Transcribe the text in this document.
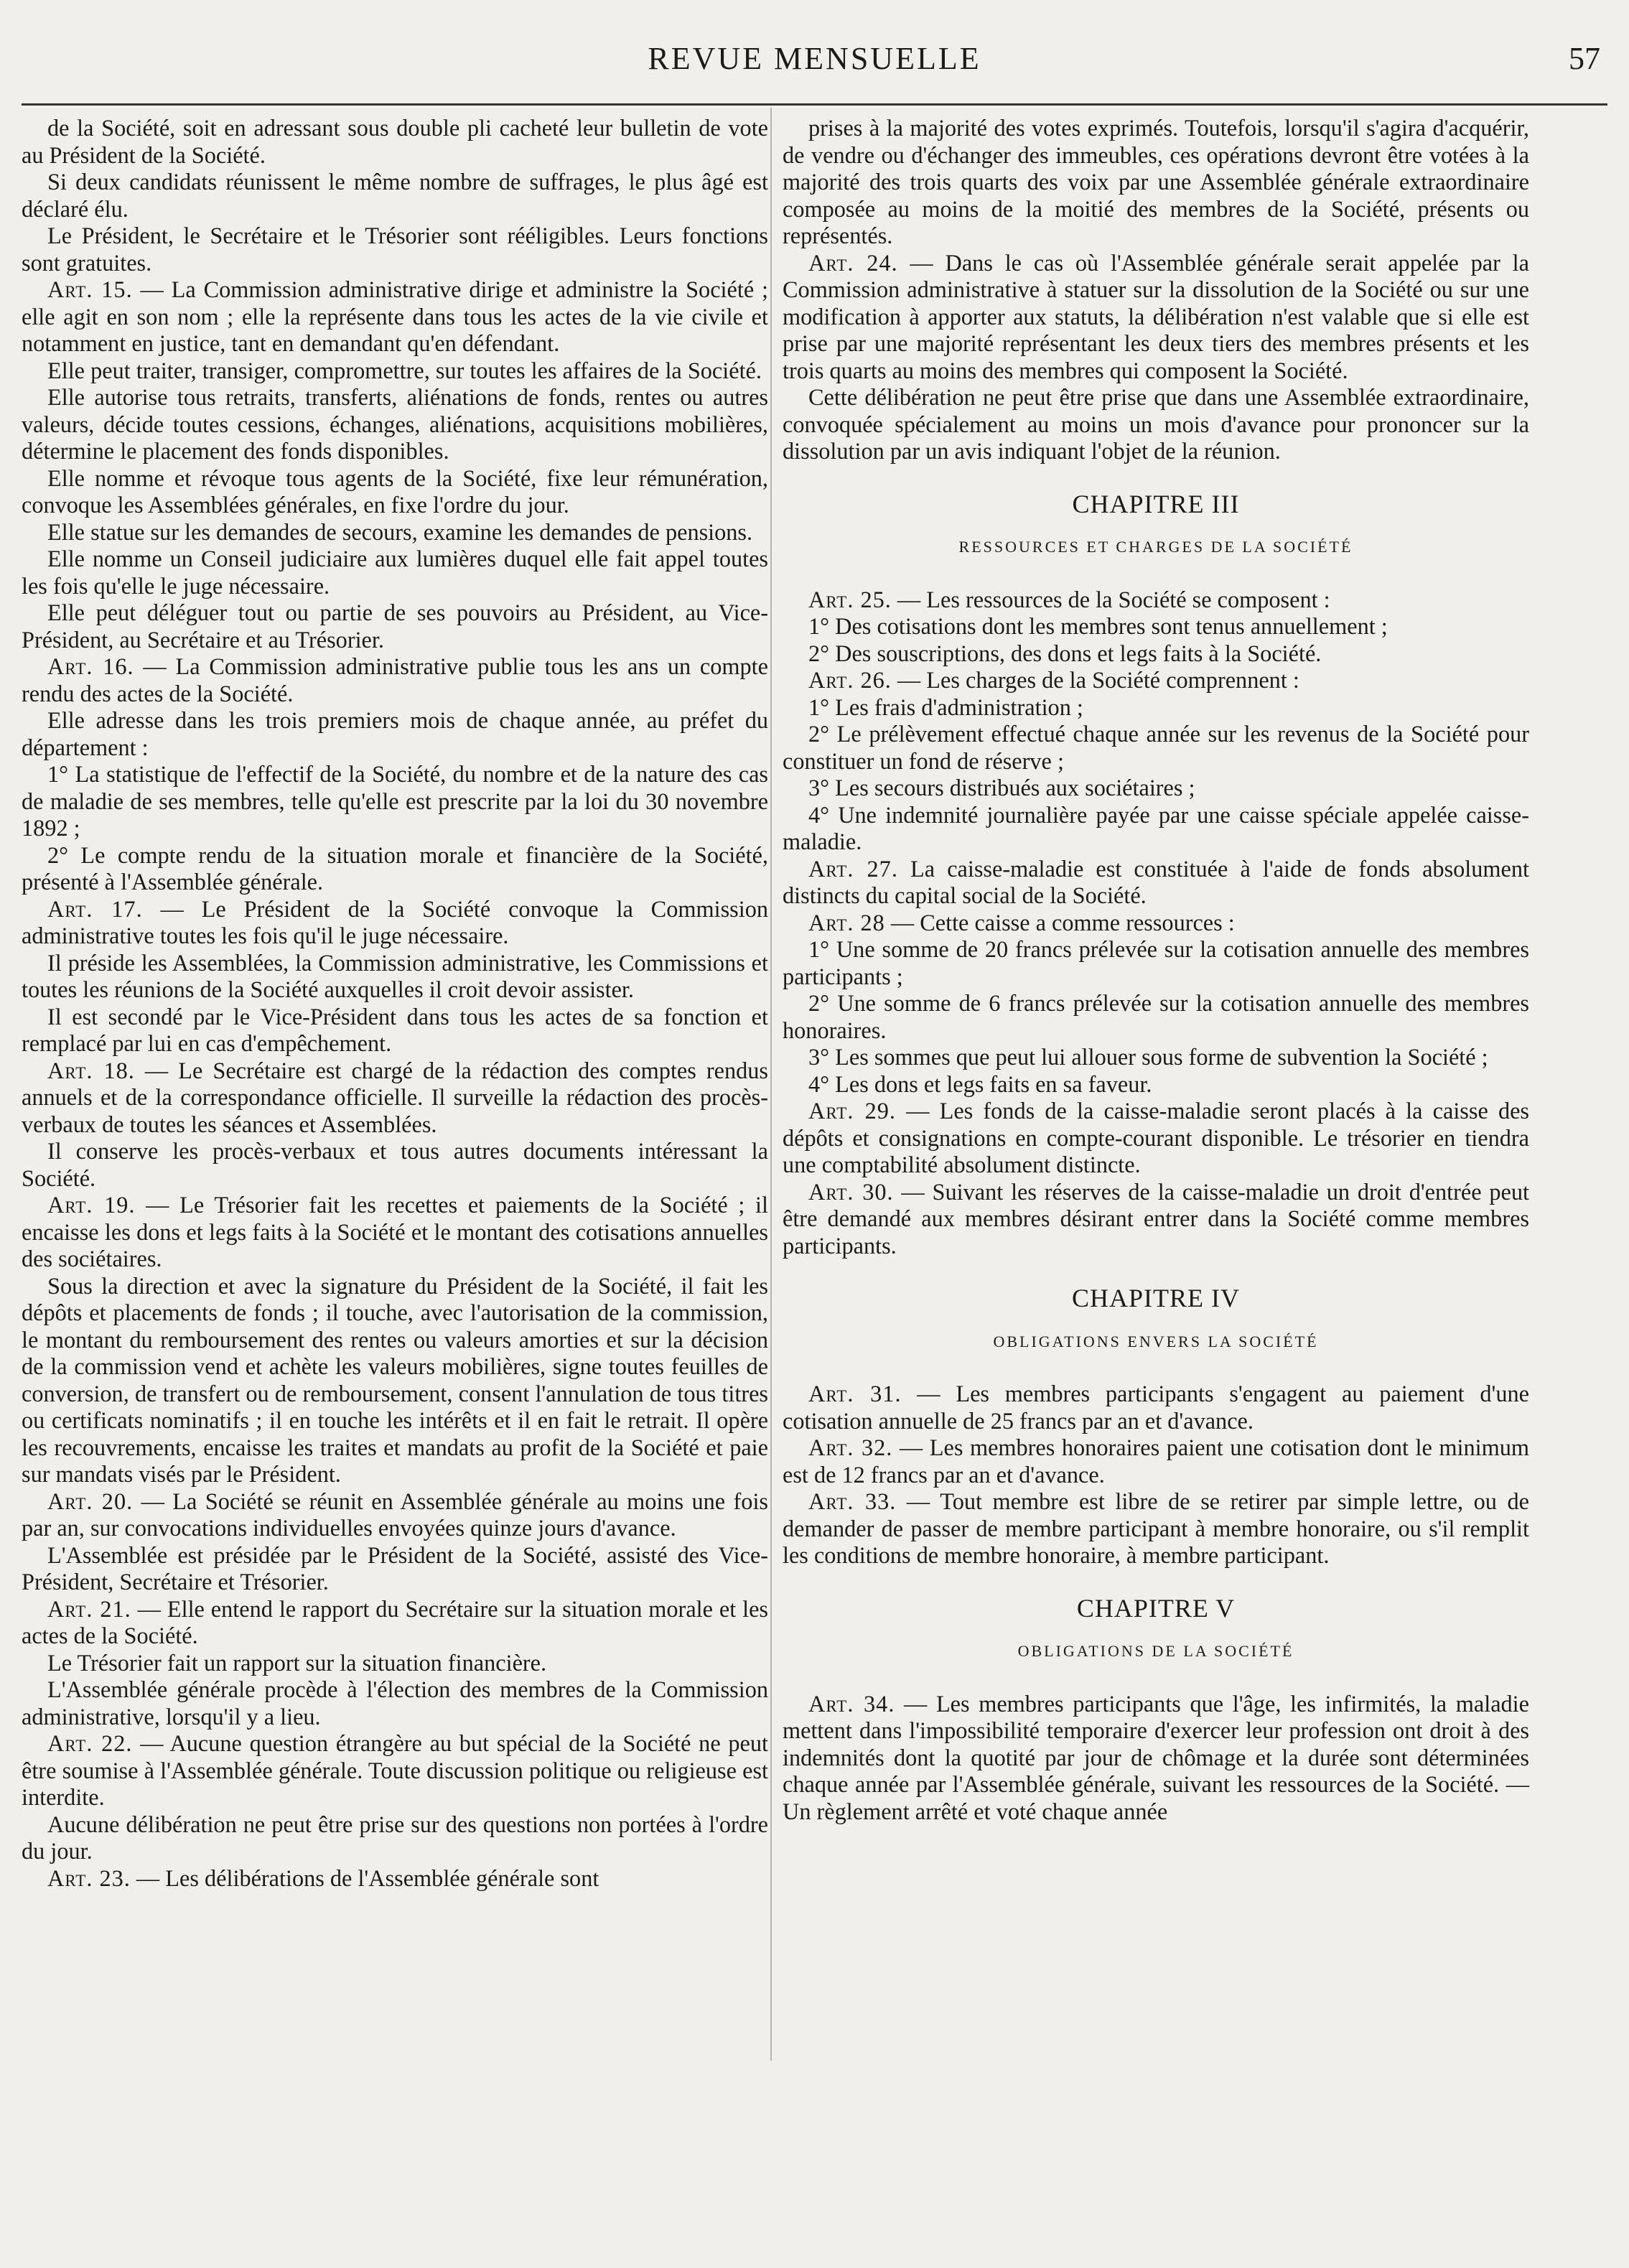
REVUE MENSUELLE	57

de la Société, soit en adressant sous double pli cacheté leur bulletin de vote au Président de la Société.

Si deux candidats réunissent le même nombre de suffrages, le plus âgé est déclaré élu.

Le Président, le Secrétaire et le Trésorier sont rééligibles. Leurs fonctions sont gratuites.

Art. 15. — La Commission administrative dirige et administre la Société ; elle agit en son nom ; elle la représente dans tous les actes de la vie civile et notamment en justice, tant en demandant qu'en défendant.

Elle peut traiter, transiger, compromettre, sur toutes les affaires de la Société.

Elle autorise tous retraits, transferts, aliénations de fonds, rentes ou autres valeurs, décide toutes cessions, échanges, aliénations, acquisitions mobilières, détermine le placement des fonds disponibles.

Elle nomme et révoque tous agents de la Société, fixe leur rémunération, convoque les Assemblées générales, en fixe l'ordre du jour.

Elle statue sur les demandes de secours, examine les demandes de pensions.

Elle nomme un Conseil judiciaire aux lumières duquel elle fait appel toutes les fois qu'elle le juge nécessaire.

Elle peut déléguer tout ou partie de ses pouvoirs au Président, au Vice-Président, au Secrétaire et au Trésorier.

Art. 16. — La Commission administrative publie tous les ans un compte rendu des actes de la Société.

Elle adresse dans les trois premiers mois de chaque année, au préfet du département :

1° La statistique de l'effectif de la Société, du nombre et de la nature des cas de maladie de ses membres, telle qu'elle est prescrite par la loi du 30 novembre 1892 ;

2° Le compte rendu de la situation morale et financière de la Société, présenté à l'Assemblée générale.

Art. 17. — Le Président de la Société convoque la Commission administrative toutes les fois qu'il le juge nécessaire.

Il préside les Assemblées, la Commission administrative, les Commissions et toutes les réunions de la Société auxquelles il croit devoir assister.

Il est secondé par le Vice-Président dans tous les actes de sa fonction et remplacé par lui en cas d'empêchement.

Art. 18. — Le Secrétaire est chargé de la rédaction des comptes rendus annuels et de la correspondance officielle. Il surveille la rédaction des procès-verbaux de toutes les séances et Assemblées.

Il conserve les procès-verbaux et tous autres documents intéressant la Société.

Art. 19. — Le Trésorier fait les recettes et paiements de la Société ; il encaisse les dons et legs faits à la Société et le montant des cotisations annuelles des sociétaires.

Sous la direction et avec la signature du Président de la Société, il fait les dépôts et placements de fonds ; il touche, avec l'autorisation de la commission, le montant du remboursement des rentes ou valeurs amorties et sur la décision de la commission vend et achète les valeurs mobilières, signe toutes feuilles de conversion, de transfert ou de remboursement, consent l'annulation de tous titres ou certificats nominatifs ; il en touche les intérêts et il en fait le retrait. Il opère les recouvrements, encaisse les traites et mandats au profit de la Société et paie sur mandats visés par le Président.

Art. 20. — La Société se réunit en Assemblée générale au moins une fois par an, sur convocations individuelles envoyées quinze jours d'avance.

L'Assemblée est présidée par le Président de la Société, assisté des Vice-Président, Secrétaire et Trésorier.

Art. 21. — Elle entend le rapport du Secrétaire sur la situation morale et les actes de la Société.

Le Trésorier fait un rapport sur la situation financière.

L'Assemblée générale procède à l'élection des membres de la Commission administrative, lorsqu'il y a lieu.

Art. 22. — Aucune question étrangère au but spécial de la Société ne peut être soumise à l'Assemblée générale. Toute discussion politique ou religieuse est interdite.

Aucune délibération ne peut être prise sur des questions non portées à l'ordre du jour.

Art. 23. — Les délibérations de l'Assemblée générale sont

prises à la majorité des votes exprimés. Toutefois, lorsqu'il s'agira d'acquérir, de vendre ou d'échanger des immeubles, ces opérations devront être votées à la majorité des trois quarts des voix par une Assemblée générale extraordinaire composée au moins de la moitié des membres de la Société, présents ou représentés.

Art. 24. — Dans le cas où l'Assemblée générale serait appelée par la Commission administrative à statuer sur la dissolution de la Société ou sur une modification à apporter aux statuts, la délibération n'est valable que si elle est prise par une majorité représentant les deux tiers des membres présents et les trois quarts au moins des membres qui composent la Société.

Cette délibération ne peut être prise que dans une Assemblée extraordinaire, convoquée spécialement au moins un mois d'avance pour prononcer sur la dissolution par un avis indiquant l'objet de la réunion.

CHAPITRE III
RESSOURCES ET CHARGES DE LA SOCIÉTÉ

Art. 25. — Les ressources de la Société se composent :

1° Des cotisations dont les membres sont tenus annuellement ;

2° Des souscriptions, des dons et legs faits à la Société.

Art. 26. — Les charges de la Société comprennent :

1° Les frais d'administration ;

2° Le prélèvement effectué chaque année sur les revenus de la Société pour constituer un fond de réserve ;

3° Les secours distribués aux sociétaires ;

4° Une indemnité journalière payée par une caisse spéciale appelée caisse-maladie.

Art. 27. La caisse-maladie est constituée à l'aide de fonds absolument distincts du capital social de la Société.

Art. 28 — Cette caisse a comme ressources :

1° Une somme de 20 francs prélevée sur la cotisation annuelle des membres participants ;

2° Une somme de 6 francs prélevée sur la cotisation annuelle des membres honoraires.

3° Les sommes que peut lui allouer sous forme de subvention la Société ;

4° Les dons et legs faits en sa faveur.

Art. 29. — Les fonds de la caisse-maladie seront placés à la caisse des dépôts et consignations en compte-courant disponible. Le trésorier en tiendra une comptabilité absolument distincte.

Art. 30. — Suivant les réserves de la caisse-maladie un droit d'entrée peut être demandé aux membres désirant entrer dans la Société comme membres participants.

CHAPITRE IV
OBLIGATIONS ENVERS LA SOCIÉTÉ

Art. 31. — Les membres participants s'engagent au paiement d'une cotisation annuelle de 25 francs par an et d'avance.

Art. 32. — Les membres honoraires paient une cotisation dont le minimum est de 12 francs par an et d'avance.

Art. 33. — Tout membre est libre de se retirer par simple lettre, ou de demander de passer de membre participant à membre honoraire, ou s'il remplit les conditions de membre honoraire, à membre participant.

CHAPITRE V
OBLIGATIONS DE LA SOCIÉTÉ

Art. 34. — Les membres participants que l'âge, les infirmités, la maladie mettent dans l'impossibilité temporaire d'exercer leur profession ont droit à des indemnités dont la quotité par jour de chômage et la durée sont déterminées chaque année par l'Assemblée générale, suivant les ressources de la Société. — Un règlement arrêté et voté chaque année
